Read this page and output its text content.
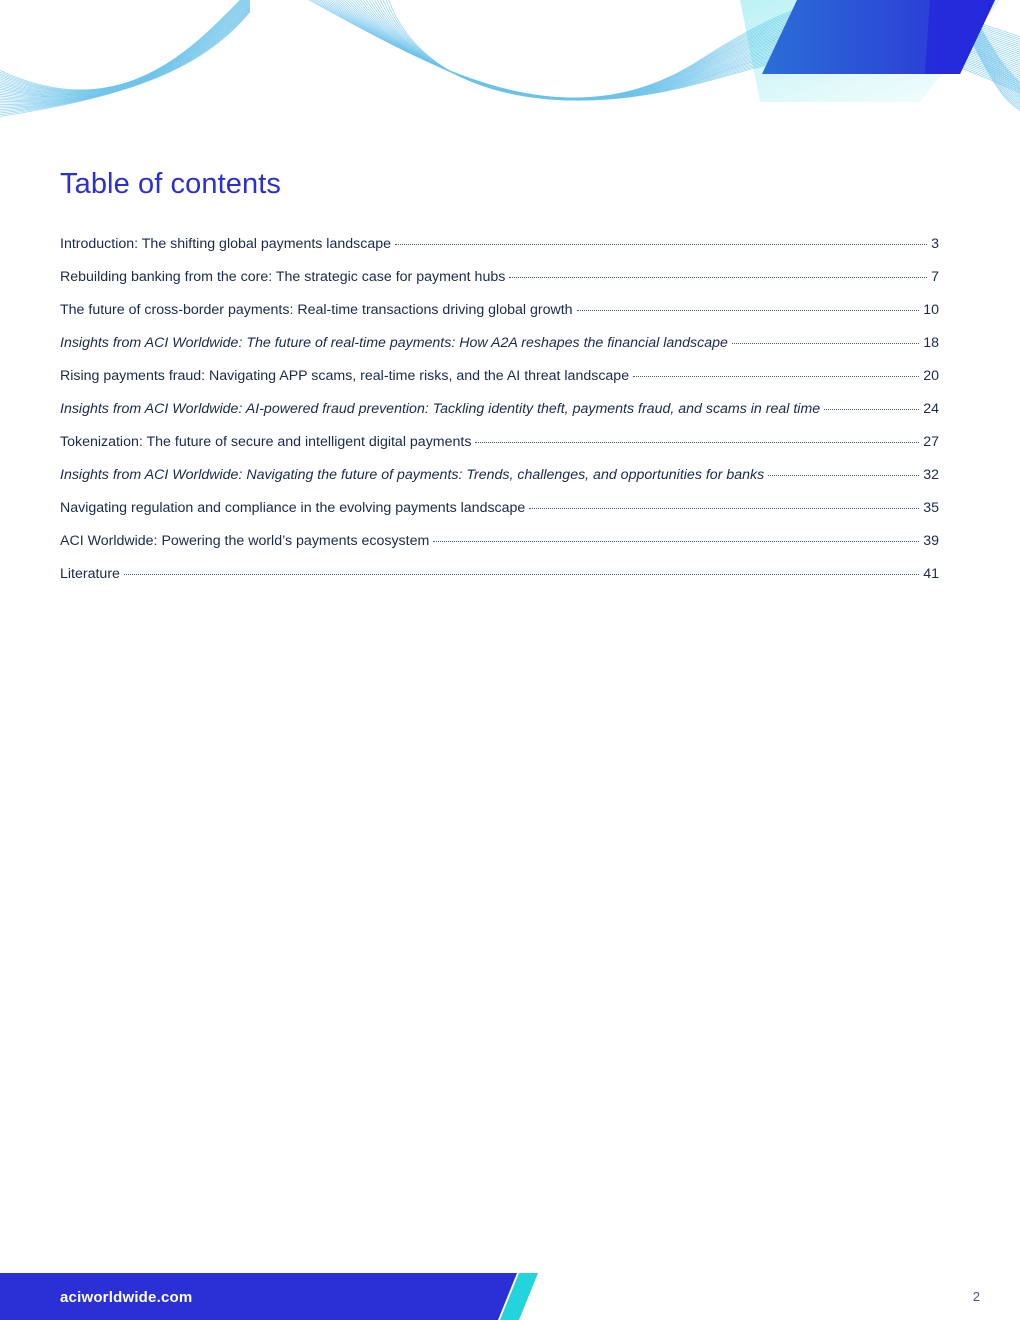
Table of contents
Introduction: The shifting global payments landscape	3
Rebuilding banking from the core: The strategic case for payment hubs	7
The future of cross-border payments: Real-time transactions driving global growth	10
Insights from ACI Worldwide: The future of real-time payments: How A2A reshapes the financial landscape	18
Rising payments fraud: Navigating APP scams, real-time risks, and the AI threat landscape	20
Insights from ACI Worldwide: AI-powered fraud prevention: Tackling identity theft, payments fraud, and scams in real time	24
Tokenization: The future of secure and intelligent digital payments	27
Insights from ACI Worldwide: Navigating the future of payments: Trends, challenges, and opportunities for banks	32
Navigating regulation and compliance in the evolving payments landscape	35
ACI Worldwide: Powering the world’s payments ecosystem	39
Literature	41
aciworldwide.com	2
